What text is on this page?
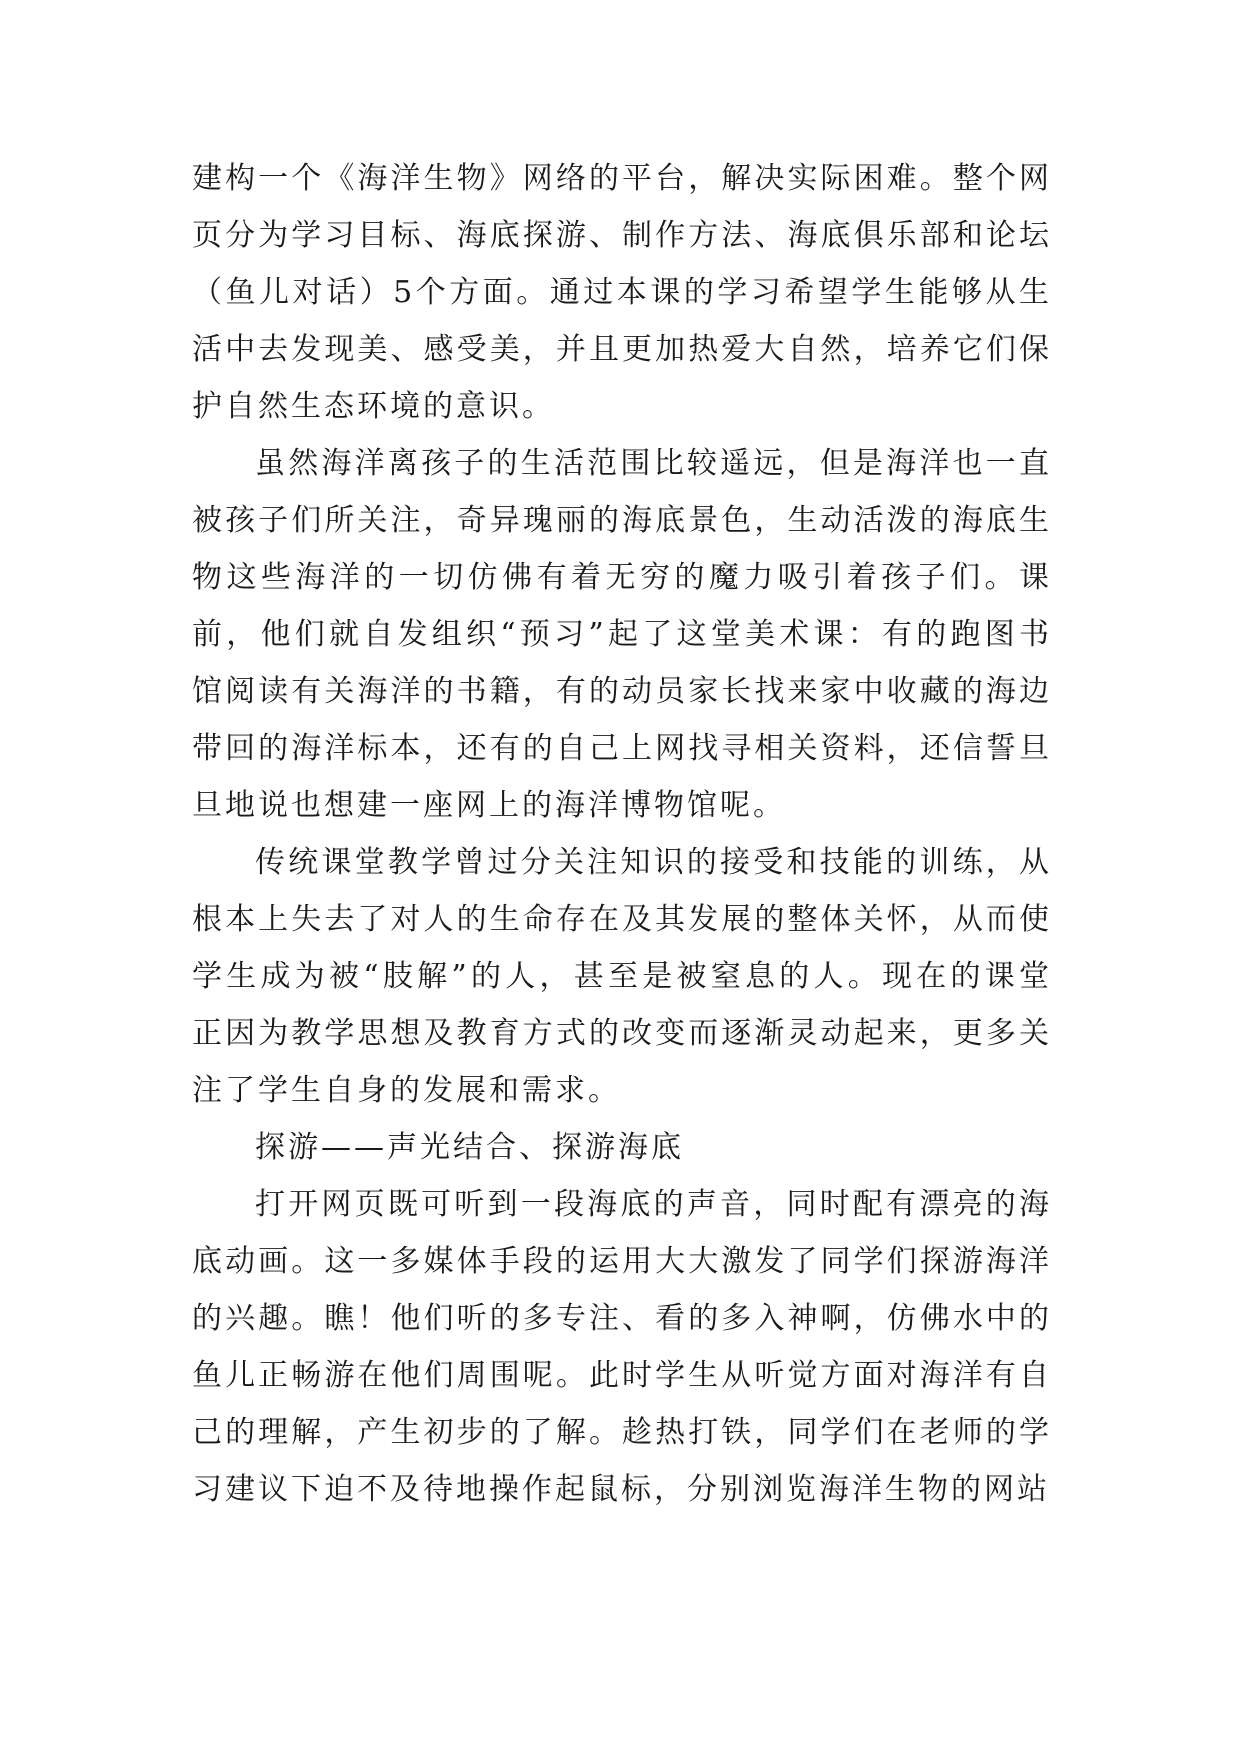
建构一个《海洋生物》网络的平台，解决实际困难。整个网页分为学习目标、海底探游、制作方法、海底俱乐部和论坛（鱼儿对话）5个方面。通过本课的学习希望学生能够从生活中去发现美、感受美，并且更加热爱大自然，培养它们保护自然生态环境的意识。

虽然海洋离孩子的生活范围比较遥远，但是海洋也一直被孩子们所关注，奇异瑰丽的海底景色，生动活泼的海底生物这些海洋的一切仿佛有着无穷的魔力吸引着孩子们。课前，他们就自发组织“预习”起了这堂美术课：有的跑图书馆阅读有关海洋的书籍，有的动员家长找来家中收藏的海边带回的海洋标本，还有的自己上网找寻相关资料，还信誓旦旦地说也想建一座网上的海洋博物馆呢。

传统课堂教学曾过分关注知识的接受和技能的训练，从根本上失去了对人的生命存在及其发展的整体关怀，从而使学生成为被“肢解”的人，甚至是被窒息的人。现在的课堂正因为教学思想及教育方式的改变而逐渐灵动起来，更多关注了学生自身的发展和需求。

探游——声光结合、探游海底

打开网页既可听到一段海底的声音，同时配有漂亮的海底动画。这一多媒体手段的运用大大激发了同学们探游海洋的兴趣。瞧！他们听的多专注、看的多入神啊，仿佛水中的鱼儿正畅游在他们周围呢。此时学生从听觉方面对海洋有自己的理解，产生初步的了解。趁热打铁，同学们在老师的学习建议下迫不及待地操作起鼠标，分别浏览海洋生物的网站
